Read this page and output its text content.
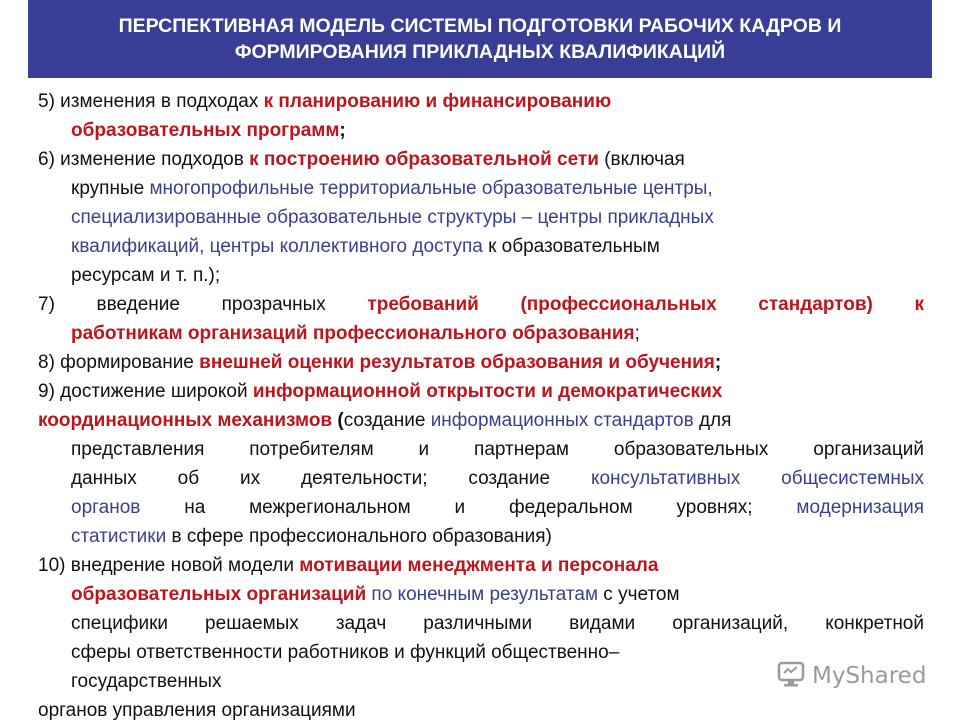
ПЕРСПЕКТИВНАЯ МОДЕЛЬ СИСТЕМЫ ПОДГОТОВКИ РАБОЧИХ КАДРОВ И
ФОРМИРОВАНИЯ ПРИКЛАДНЫХ КВАЛИФИКАЦИЙ
5) изменения в подходах к планированию и финансированию
образовательных программ;
6) изменение подходов к построению образовательной сети (включая
крупные многопрофильные территориальные образовательные центры,
специализированные образовательные структуры – центры прикладных
квалификаций, центры коллективного доступа к образовательным
ресурсам и т. п.);
7) введение прозрачных требований (профессиональных стандартов) к
работникам организаций профессионального образования;
8) формирование внешней оценки результатов образования и обучения;
9) достижение широкой информационной открытости и демократических
координационных механизмов (создание информационных стандартов для
представления потребителям и партнерам образовательных организаций
данных об их деятельности; создание консультативных общесистемных
органов на межрегиональном и федеральном уровнях; модернизация
статистики в сфере профессионального образования)
10) внедрение новой модели мотивации менеджмента и персонала
образовательных организаций по конечным результатам с учетом
специфики решаемых задач различными видами организаций, конкретной
сферы ответственности работников и функций общественно–
государственных
органов управления организациями
MyShared
